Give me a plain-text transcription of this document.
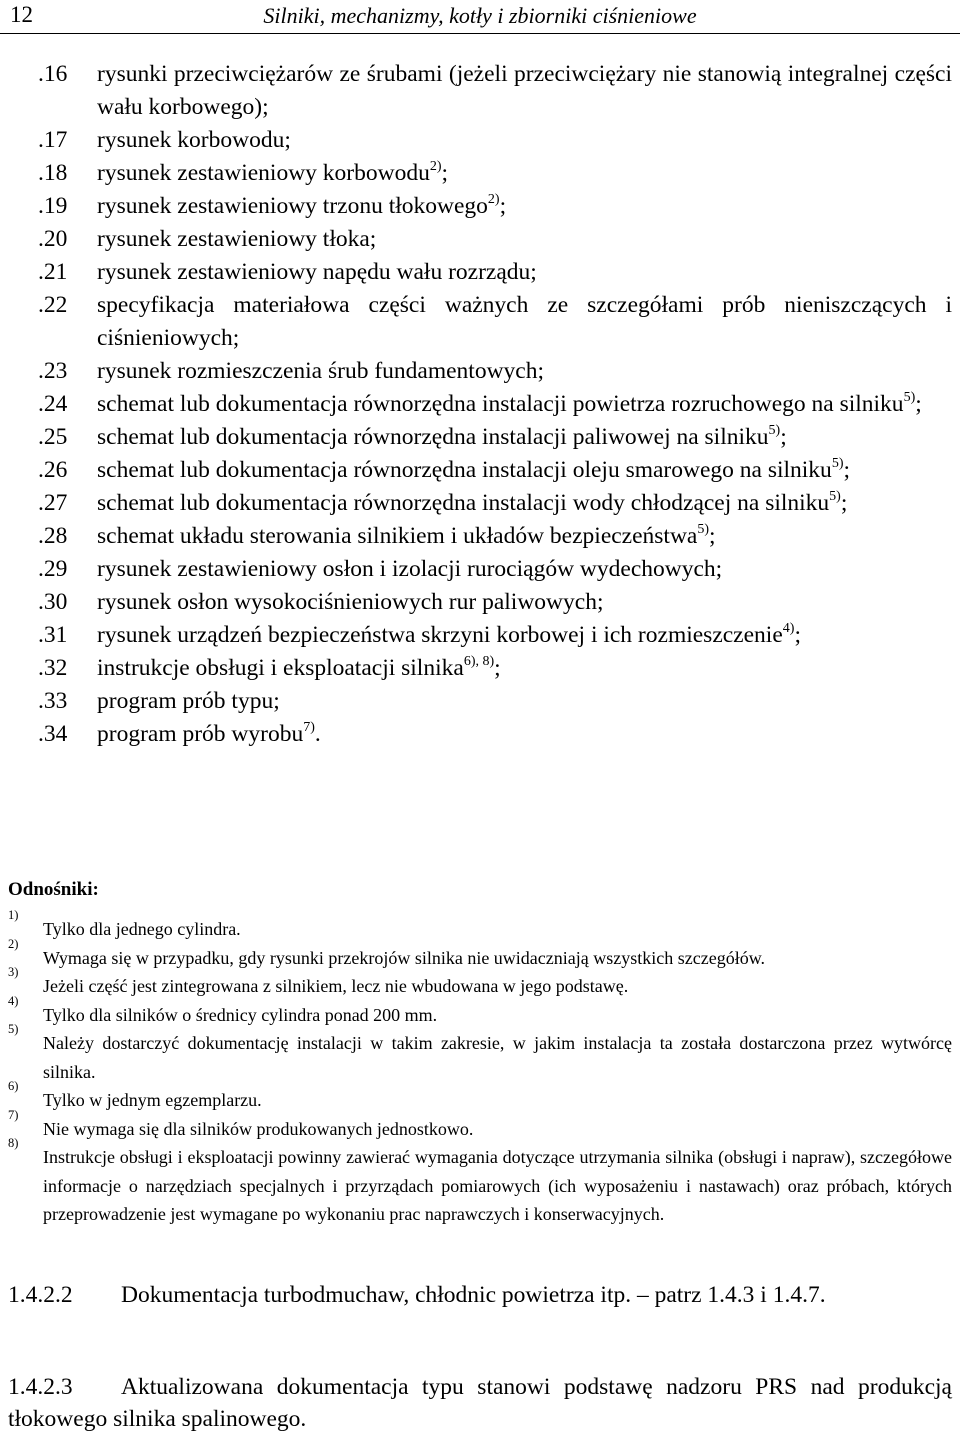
12	Silniki, mechanizmy, kotły i zbiorniki ciśnieniowe
.16	rysunki przeciwciężarów ze śrubami (jeżeli przeciwciężary nie stanowią integralnej części wału korbowego);
.17	rysunek korbowodu;
.18	rysunek zestawieniowy korbowodu$^{2)}$;
.19	rysunek zestawieniowy trzonu tłokowego$^{2)}$;
.20	rysunek zestawieniowy tłoka;
.21	rysunek zestawieniowy napędu wału rozrządu;
.22	specyfikacja materiałowa części ważnych ze szczegółami prób nieniszczących i ciśnieniowych;
.23	rysunek rozmieszczenia śrub fundamentowych;
.24	schemat lub dokumentacja równorzędna instalacji powietrza rozruchowego na silniku$^{5)}$;
.25	schemat lub dokumentacja równorzędna instalacji paliwowej na silniku$^{5)}$;
.26	schemat lub dokumentacja równorzędna instalacji oleju smarowego na silniku$^{5)}$;
.27	schemat lub dokumentacja równorzędna instalacji wody chłodzącej na silniku$^{5)}$;
.28	schemat układu sterowania silnikiem i układów bezpieczeństwa$^{5)}$;
.29	rysunek zestawieniowy osłon i izolacji rurociągów wydechowych;
.30	rysunek osłon wysokociśnieniowych rur paliwowych;
.31	rysunek urządzeń bezpieczeństwa skrzyni korbowej i ich rozmieszczenie$^{4)}$;
.32	instrukcje obsługi i eksploatacji silnika$^{6), 8)}$;
.33	program prób typu;
.34	program prób wyrobu$^{7)}$.
Odnośniki:
1)
Tylko dla jednego cylindra.
2)
Wymaga się w przypadku, gdy rysunki przekrojów silnika nie uwidaczniają wszystkich szczegółów.
3)
Jeżeli część jest zintegrowana z silnikiem, lecz nie wbudowana w jego podstawę.
4)
Tylko dla silników o średnicy cylindra ponad 200 mm.
5)
Należy dostarczyć dokumentację instalacji w takim zakresie, w jakim instalacja ta została dostarczona przez wytwórcę silnika.
6)
Tylko w jednym egzemplarzu.
7)
Nie wymaga się dla silników produkowanych jednostkowo.
8)
Instrukcje obsługi i eksploatacji powinny zawierać wymagania dotyczące utrzymania silnika (obsługi i napraw), szczegółowe informacje o narzędziach specjalnych i przyrządach pomiarowych (ich wyposażeniu i nastawach) oraz próbach, których przeprowadzenie jest wymagane po wykonaniu prac naprawczych i konserwacyjnych.
1.4.2.2 Dokumentacja turbodmuchaw, chłodnic powietrza itp. – patrz 1.4.3 i 1.4.7.
1.4.2.3 Aktualizowana dokumentacja typu stanowi podstawę nadzoru PRS nad produkcją tłokowego silnika spalinowego.
